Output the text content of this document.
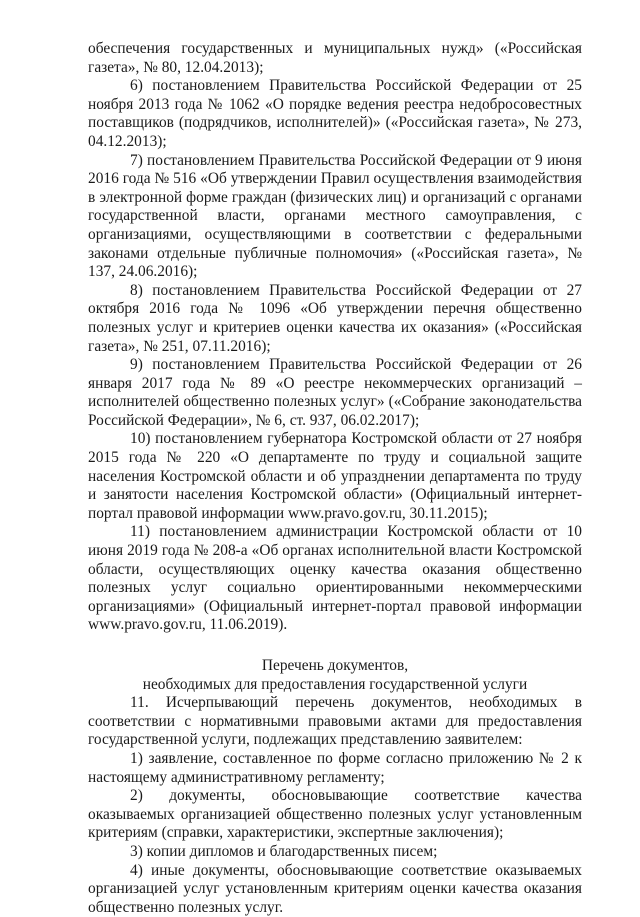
обеспечения государственных и муниципальных нужд» («Российская газета», № 80, 12.04.2013);

6) постановлением Правительства Российской Федерации от 25 ноября 2013 года № 1062 «О порядке ведения реестра недобросовестных поставщиков (подрядчиков, исполнителей)» («Российская газета», № 273, 04.12.2013);

7) постановлением Правительства Российской Федерации от 9 июня 2016 года № 516 «Об утверждении Правил осуществления взаимодействия в электронной форме граждан (физических лиц) и организаций с органами государственной власти, органами местного самоуправления, с организациями, осуществляющими в соответствии с федеральными законами отдельные публичные полномочия» («Российская газета», № 137, 24.06.2016);

8) постановлением Правительства Российской Федерации от 27 октября 2016 года № 1096 «Об утверждении перечня общественно полезных услуг и критериев оценки качества их оказания» («Российская газета», № 251, 07.11.2016);

9) постановлением Правительства Российской Федерации от 26 января 2017 года № 89 «О реестре некоммерческих организаций – исполнителей общественно полезных услуг» («Собрание законодательства Российской Федерации», № 6, ст. 937, 06.02.2017);

10) постановлением губернатора Костромской области от 27 ноября 2015 года № 220 «О департаменте по труду и социальной защите населения Костромской области и об упразднении департамента по труду и занятости населения Костромской области» (Официальный интернет-портал правовой информации www.pravo.gov.ru, 30.11.2015);

11) постановлением администрации Костромской области от 10 июня 2019 года № 208-а «Об органах исполнительной власти Костромской области, осуществляющих оценку качества оказания общественно полезных услуг социально ориентированными некоммерческими организациями» (Официальный интернет-портал правовой информации www.pravo.gov.ru, 11.06.2019).

Перечень документов,

необходимых для предоставления государственной услуги

11. Исчерпывающий перечень документов, необходимых в соответствии с нормативными правовыми актами для предоставления государственной услуги, подлежащих представлению заявителем:

1) заявление, составленное по форме согласно приложению № 2 к настоящему административному регламенту;

2) документы, обосновывающие соответствие качества оказываемых организацией общественно полезных услуг установленным критериям (справки, характеристики, экспертные заключения);

3) копии дипломов и благодарственных писем;

4) иные документы, обосновывающие соответствие оказываемых организацией услуг установленным критериям оценки качества оказания общественно полезных услуг.
